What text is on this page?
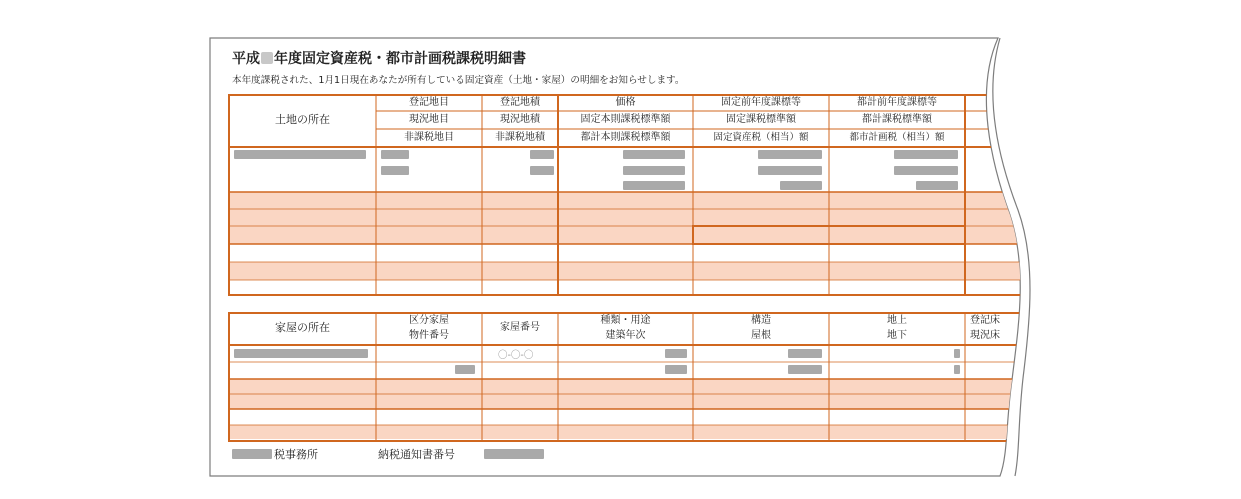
平成 年度固定資産税・都市計画税課税明細書
本年度課税された、1月1日現在あなたが所有している固定資産（土地・家屋）の明細をお知らせします。
土地の所在
登記地目
現況地目
非課税地目
登記地積
現況地積
非課税地積
価格
固定本則課税標準額
都計本則課税標準額
固定前年度課標等
固定課税標準額
固定資産税（相当）額
都計前年度課標等
都計課税標準額
都市計画税（相当）額
家屋の所在
区分家屋
物件番号
家屋番号
種類・用途
建築年次
構造
屋根
地上
地下
登記床
現況床
〇-〇-〇
税事務所	納税通知書番号
